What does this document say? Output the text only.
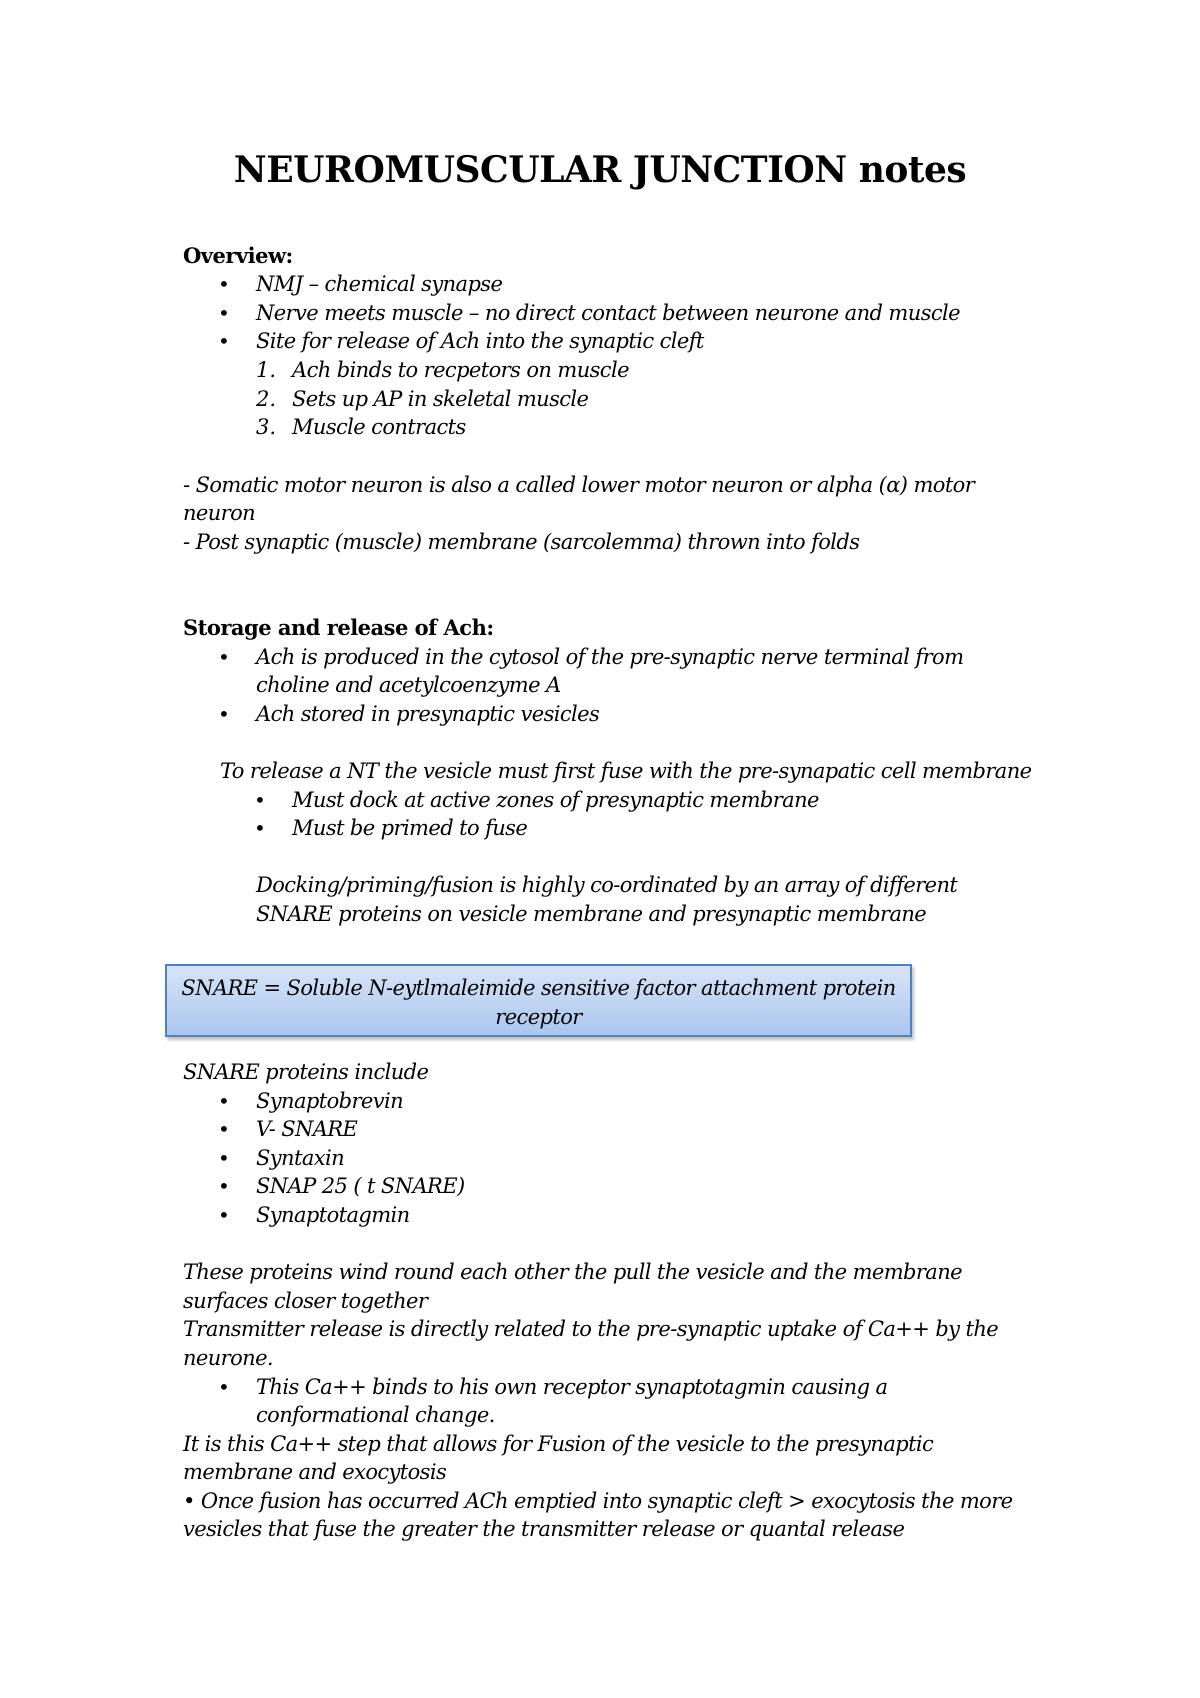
NEUROMUSCULAR JUNCTION notes
Overview:
• NMJ – chemical synapse
• Nerve meets muscle – no direct contact between neurone and muscle
• Site for release of Ach into the synaptic cleft
1. Ach binds to recpetors on muscle
2. Sets up AP in skeletal muscle
3. Muscle contracts
- Somatic motor neuron is also a called lower motor neuron or alpha (α) motor
neuron
- Post synaptic (muscle) membrane (sarcolemma) thrown into folds
Storage and release of Ach:
• Ach is produced in the cytosol of the pre-synaptic nerve terminal from
choline and acetylcoenzyme A
• Ach stored in presynaptic vesicles
To release a NT the vesicle must first fuse with the pre-synapatic cell membrane
• Must dock at active zones of presynaptic membrane
• Must be primed to fuse
Docking/priming/fusion is highly co-ordinated by an array of different
SNARE proteins on vesicle membrane and presynaptic membrane
SNARE = Soluble N-eytlmaleimide sensitive factor attachment protein
receptor
SNARE proteins include
• Synaptobrevin
• V- SNARE
• Syntaxin
• SNAP 25 ( t SNARE)
• Synaptotagmin
These proteins wind round each other the pull the vesicle and the membrane
surfaces closer together
Transmitter release is directly related to the pre-synaptic uptake of Ca++ by the
neurone.
• This Ca++ binds to his own receptor synaptotagmin causing a
conformational change.
It is this Ca++ step that allows for Fusion of the vesicle to the presynaptic
membrane and exocytosis
• Once fusion has occurred ACh emptied into synaptic cleft > exocytosis the more
vesicles that fuse the greater the transmitter release or quantal release
